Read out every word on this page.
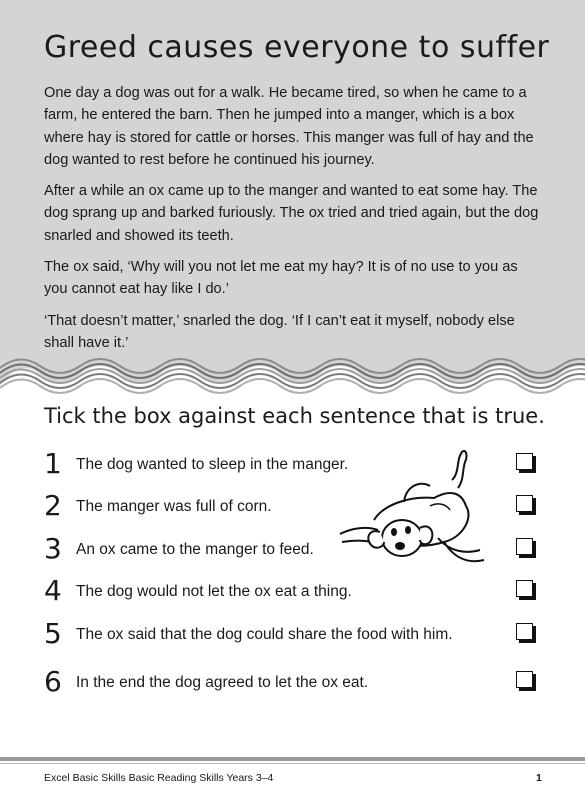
Greed causes everyone to suffer

One day a dog was out for a walk. He became tired, so when he came to a farm, he entered the barn. Then he jumped into a manger, which is a box where hay is stored for cattle or horses. This manger was full of hay and the dog wanted to rest before he continued his journey.

After a while an ox came up to the manger and wanted to eat some hay. The dog sprang up and barked furiously. The ox tried and tried again, but the dog snarled and showed its teeth.

The ox said, ‘Why will you not let me eat my hay? It is of no use to you as you cannot eat hay like I do.’

‘That doesn’t matter,’ snarled the dog. ‘If I can’t eat it myself, nobody else shall have it.’

Tick the box against each sentence that is true.
1 The dog wanted to sleep in the manger.
2 The manger was full of corn.
3 An ox came to the manger to feed.
4 The dog would not let the ox eat a thing.
5 The ox said that the dog could share the food with him.
6 In the end the dog agreed to let the ox eat.
Excel Basic Skills Basic Reading Skills Years 3–4	1
